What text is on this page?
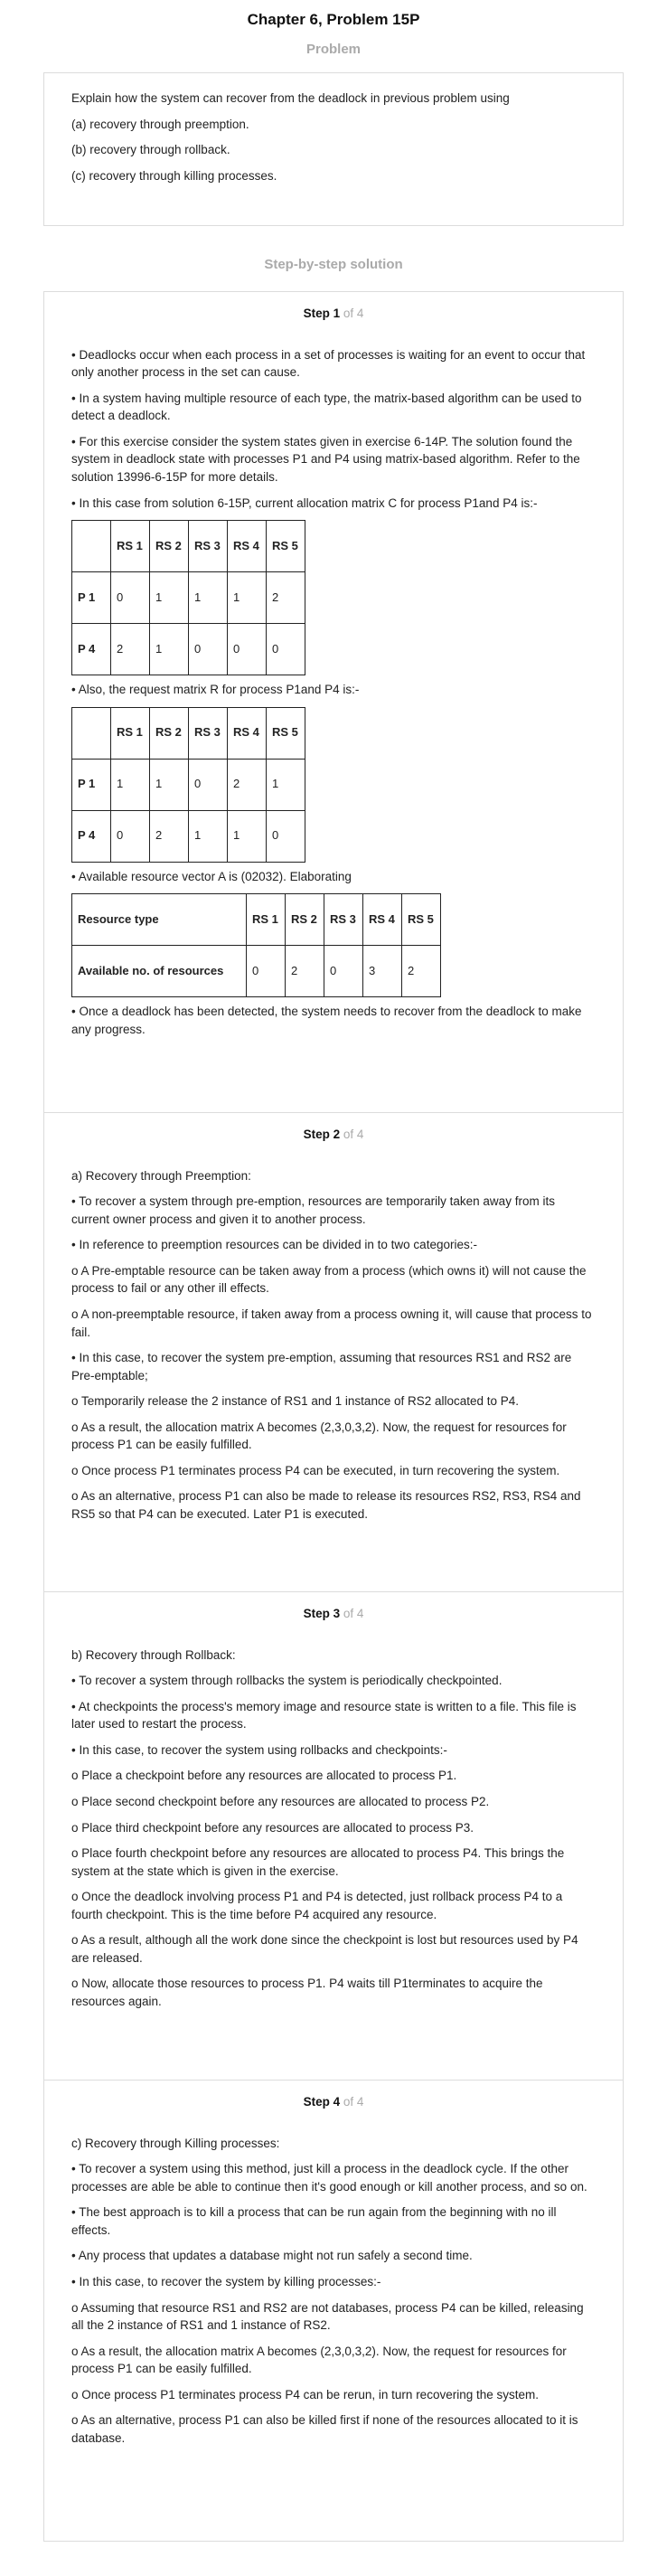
Chapter 6, Problem 15P
Problem

Explain how the system can recover from the deadlock in previous problem using

(a) recovery through preemption.

(b) recovery through rollback.

(c) recovery through killing processes.

Step-by-step solution
Step 1 of 4

• Deadlocks occur when each process in a set of processes is waiting for an event to occur that only another process in the set can cause.

• In a system having multiple resource of each type, the matrix-based algorithm can be used to detect a deadlock.

• For this exercise consider the system states given in exercise 6-14P. The solution found the system in deadlock state with processes P1 and P4 using matrix-based algorithm. Refer to the solution 13996-6-15P for more details.

• In this case from solution 6-15P, current allocation matrix C for process P1and P4 is:-

	RS 1	RS 2	RS 3	RS 4	RS 5
P 1	0	1	1	1	2
P 4	2	1	0	0	0

• Also, the request matrix R for process P1and P4 is:-

	RS 1	RS 2	RS 3	RS 4	RS 5
P 1	1	1	0	2	1
P 4	0	2	1	1	0

• Available resource vector A is (02032). Elaborating

Resource type	RS 1	RS 2	RS 3	RS 4	RS 5
Available no. of resources	0	2	0	3	2

• Once a deadlock has been detected, the system needs to recover from the deadlock to make any progress.

Step 2 of 4

a) Recovery through Preemption:

• To recover a system through pre-emption, resources are temporarily taken away from its current owner process and given it to another process.

• In reference to preemption resources can be divided in to two categories:-

o A Pre-emptable resource can be taken away from a process (which owns it) will not cause the process to fail or any other ill effects.

o A non-preemptable resource, if taken away from a process owning it, will cause that process to fail.

• In this case, to recover the system pre-emption, assuming that resources RS1 and RS2 are Pre-emptable;

o Temporarily release the 2 instance of RS1 and 1 instance of RS2 allocated to P4.

o As a result, the allocation matrix A becomes (2,3,0,3,2). Now, the request for resources for process P1 can be easily fulfilled.

o Once process P1 terminates process P4 can be executed, in turn recovering the system.

o As an alternative, process P1 can also be made to release its resources RS2, RS3, RS4 and RS5 so that P4 can be executed. Later P1 is executed.

Step 3 of 4

b) Recovery through Rollback:

• To recover a system through rollbacks the system is periodically checkpointed.

• At checkpoints the process's memory image and resource state is written to a file. This file is later used to restart the process.

• In this case, to recover the system using rollbacks and checkpoints:-

o Place a checkpoint before any resources are allocated to process P1.

o Place second checkpoint before any resources are allocated to process P2.

o Place third checkpoint before any resources are allocated to process P3.

o Place fourth checkpoint before any resources are allocated to process P4. This brings the system at the state which is given in the exercise.

o Once the deadlock involving process P1 and P4 is detected, just rollback process P4 to a fourth checkpoint. This is the time before P4 acquired any resource.

o As a result, although all the work done since the checkpoint is lost but resources used by P4 are released.

o Now, allocate those resources to process P1. P4 waits till P1terminates to acquire the resources again.

Step 4 of 4

c) Recovery through Killing processes:

• To recover a system using this method, just kill a process in the deadlock cycle. If the other processes are able be able to continue then it's good enough or kill another process, and so on.

• The best approach is to kill a process that can be run again from the beginning with no ill effects.

• Any process that updates a database might not run safely a second time.

• In this case, to recover the system by killing processes:-

o Assuming that resource RS1 and RS2 are not databases, process P4 can be killed, releasing all the 2 instance of RS1 and 1 instance of RS2.

o As a result, the allocation matrix A becomes (2,3,0,3,2). Now, the request for resources for process P1 can be easily fulfilled.

o Once process P1 terminates process P4 can be rerun, in turn recovering the system.

o As an alternative, process P1 can also be killed first if none of the resources allocated to it is database.
